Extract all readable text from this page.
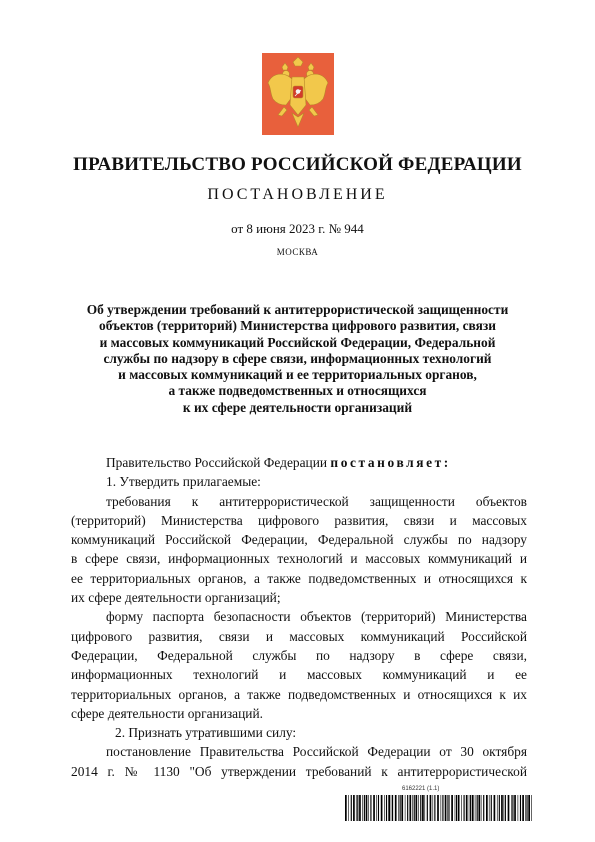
ПРАВИТЕЛЬСТВО РОССИЙСКОЙ ФЕДЕРАЦИИ
ПОСТАНОВЛЕНИЕ
от 8 июня 2023 г. № 944
МОСКВА
Об утверждении требований к антитеррористической защищенности
объектов (территорий) Министерства цифрового развития, связи
и массовых коммуникаций Российской Федерации, Федеральной
службы по надзору в сфере связи, информационных технологий
и массовых коммуникаций и ее территориальных органов,
а также подведомственных и относящихся
к их сфере деятельности организаций
Правительство Российской Федерации постановляет:
1. Утвердить прилагаемые:
требования к антитеррористической защищенности объектов
(территорий) Министерства цифрового развития, связи и массовых
коммуникаций Российской Федерации, Федеральной службы по надзору
в сфере связи, информационных технологий и массовых коммуникаций и
ее территориальных органов, а также подведомственных и относящихся к
их сфере деятельности организаций;
форму паспорта безопасности объектов (территорий) Министерства
цифрового развития, связи и массовых коммуникаций Российской
Федерации, Федеральной службы по надзору в сфере связи,
информационных технологий и массовых коммуникаций и ее
территориальных органов, а также подведомственных и относящихся к их
сфере деятельности организаций.
2. Признать утратившими силу:
постановление Правительства Российской Федерации от 30 октября
2014 г. № 1130 "Об утверждении требований к антитеррористической
6162221 (1.1)
